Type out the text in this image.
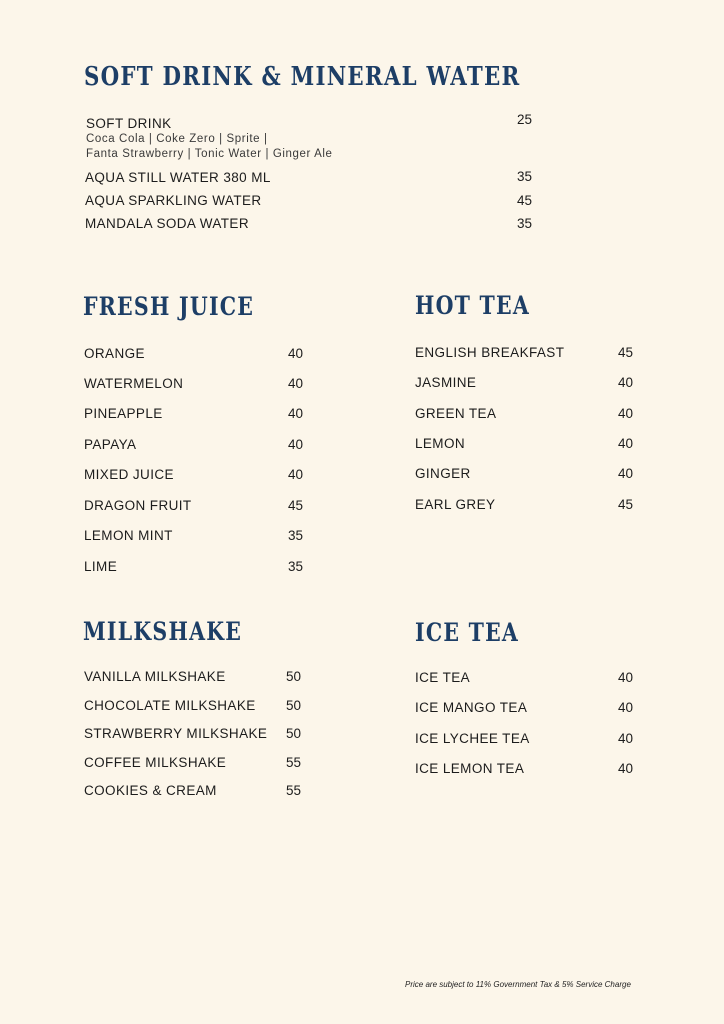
SOFT DRINK & MINERAL WATER
SOFT DRINK	25
Coca Cola | Coke Zero | Sprite |
Fanta Strawberry | Tonic Water | Ginger Ale
AQUA STILL WATER 380 ML	35
AQUA SPARKLING WATER	45
MANDALA SODA WATER	35
FRESH JUICE
ORANGE	40
WATERMELON	40
PINEAPPLE	40
PAPAYA	40
MIXED JUICE	40
DRAGON FRUIT	45
LEMON MINT	35
LIME	35
HOT TEA
ENGLISH BREAKFAST	45
JASMINE	40
GREEN TEA	40
LEMON	40
GINGER	40
EARL GREY	45
MILKSHAKE
VANILLA MILKSHAKE	50
CHOCOLATE MILKSHAKE 50
STRAWBERRY MILKSHAKE 50
COFFEE MILKSHAKE	55
COOKIES & CREAM	55
ICE TEA
ICE TEA	40
ICE MANGO TEA	40
ICE LYCHEE TEA	40
ICE LEMON TEA	40
Price are subject to 11% Government Tax & 5% Service Charge
